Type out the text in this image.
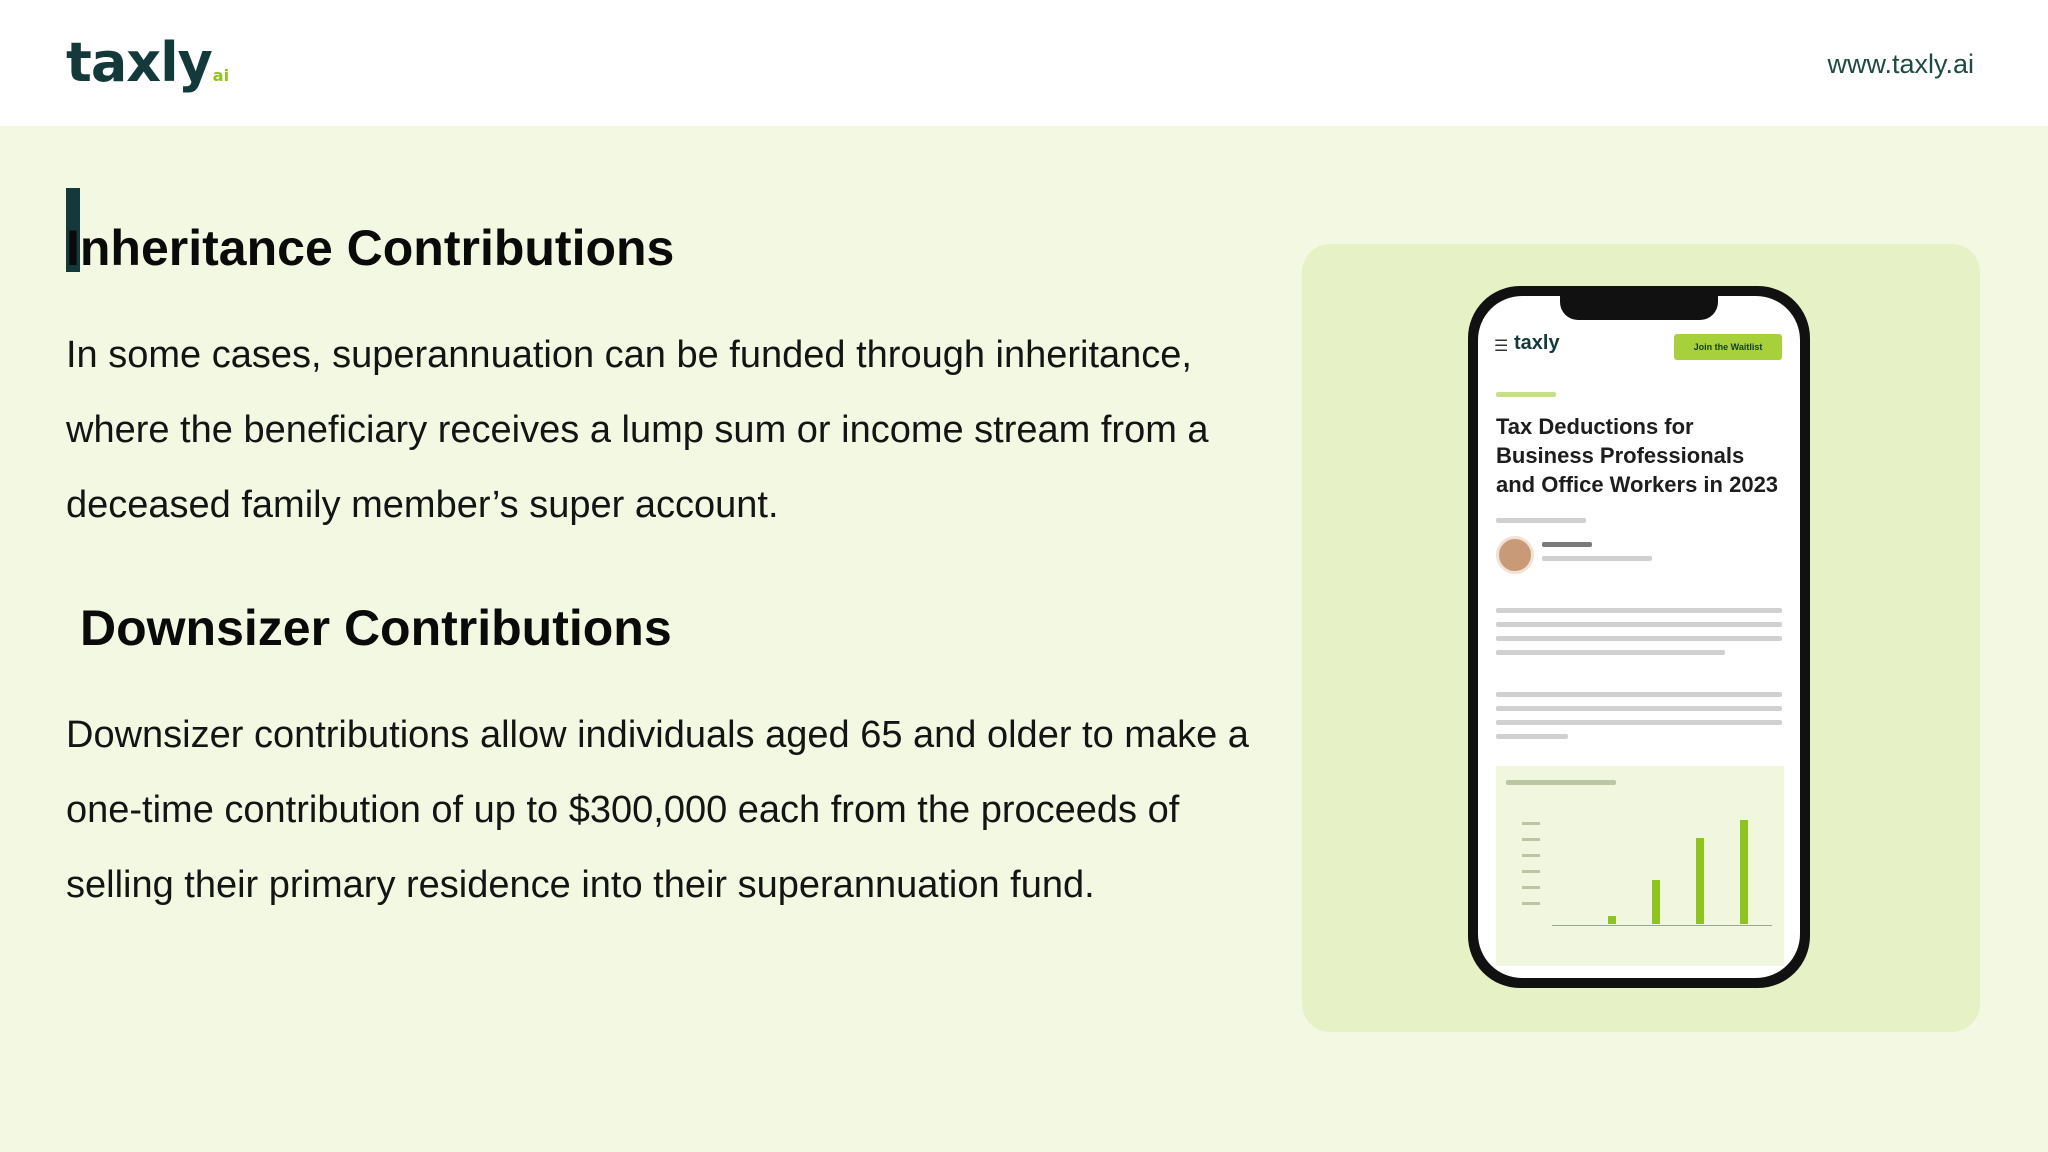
taxlyai	www.taxly.ai
Inheritance Contributions

In some cases, superannuation can be funded through inheritance, where the beneficiary receives a lump sum or income stream from a deceased family member’s super account.

Downsizer Contributions

Downsizer contributions allow individuals aged 65 and older to make a one-time contribution of up to $300,000 each from the proceeds of selling their primary residence into their superannuation fund.

☰ taxly	Join the Waitlist
Tax Deductions for Business Professionals and Office Workers in 2023
